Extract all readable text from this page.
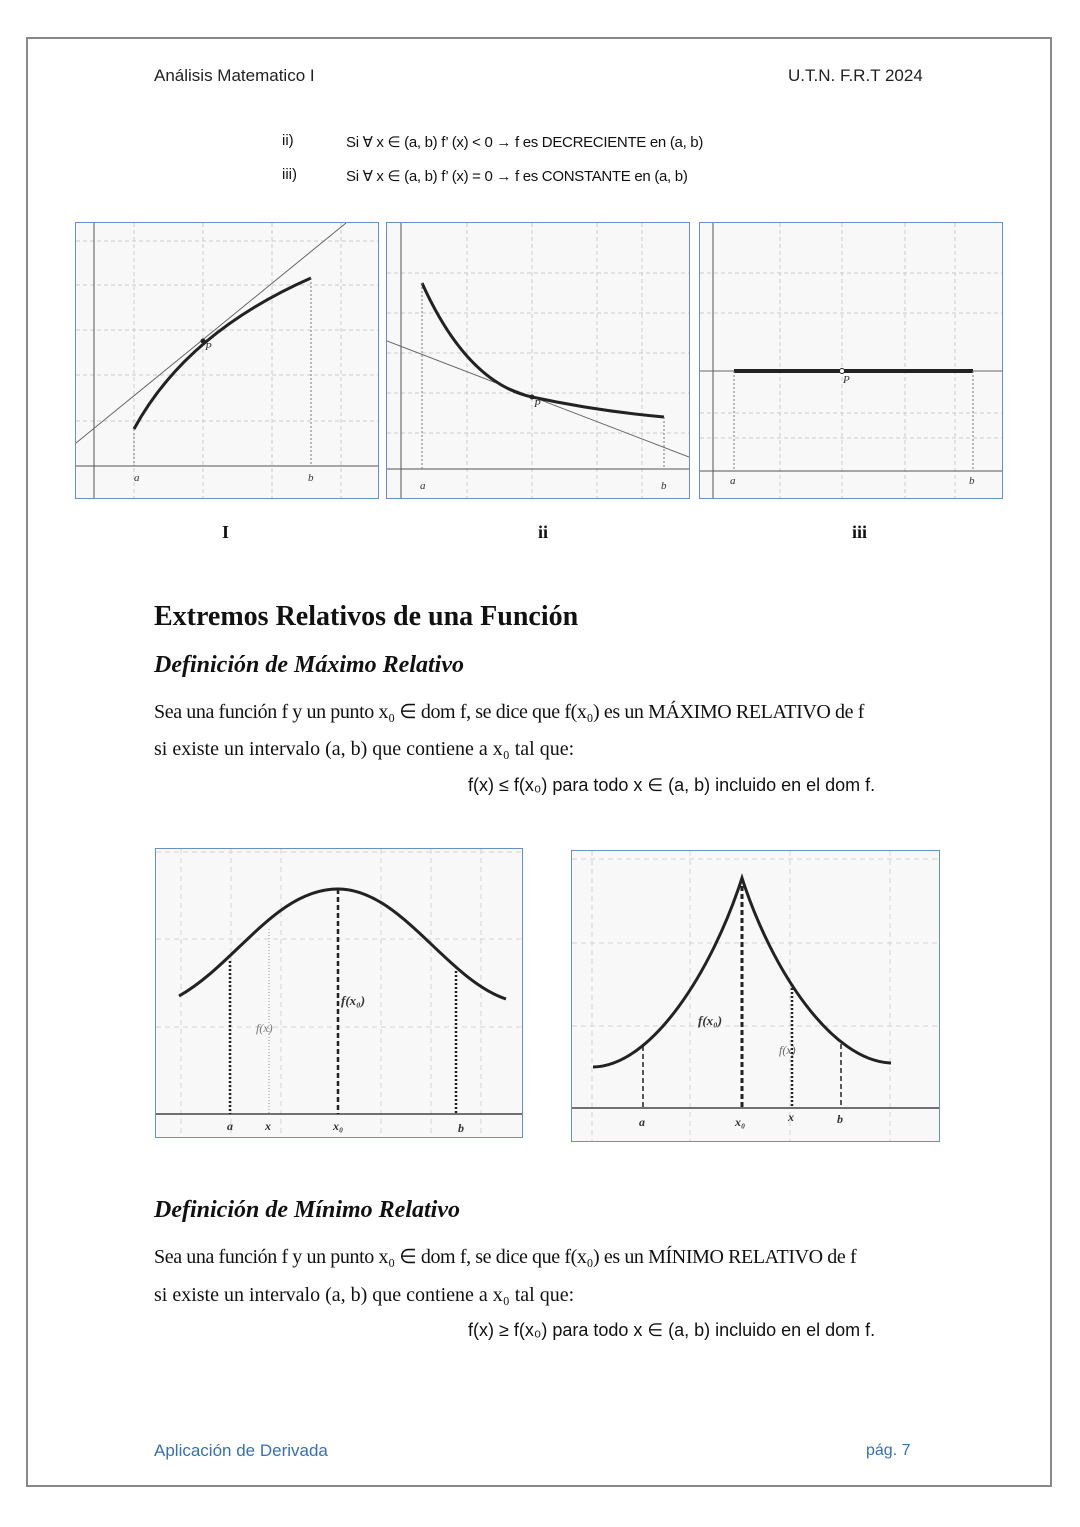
Análisis Matematico I	U.T.N. F.R.T 2024
ii)	Si ∀ x ∈ (a, b) f’ (x) < 0 → f es DECRECIENTE en (a, b)
iii)	Si ∀ x ∈ (a, b) f’ (x) = 0 → f es CONSTANTE en (a, b)
P
a	b
P
a	b
P
a	b
I	ii	iii
Extremos Relativos de una Función
Definición de Máximo Relativo
Sea una función f y un punto x₀ ∈ dom f, se dice que f(x₀) es un MÁXIMO RELATIVO de f
si existe un intervalo (a, b) que contiene a x₀ tal que:
f(x) ≤ f(x₀) para todo x ∈ (a, b) incluido en el dom f.
f(x₀)
f(x)
a	x	x₀	b
f(x₀)
f(x)
a	x₀	x	b
Definición de Mínimo Relativo
Sea una función f y un punto x₀ ∈ dom f, se dice que f(x₀) es un MÍNIMO RELATIVO de f
si existe un intervalo (a, b) que contiene a x₀ tal que:
f(x) ≥ f(x₀) para todo x ∈ (a, b) incluido en el dom f.
Aplicación de Derivada	pág. 7
